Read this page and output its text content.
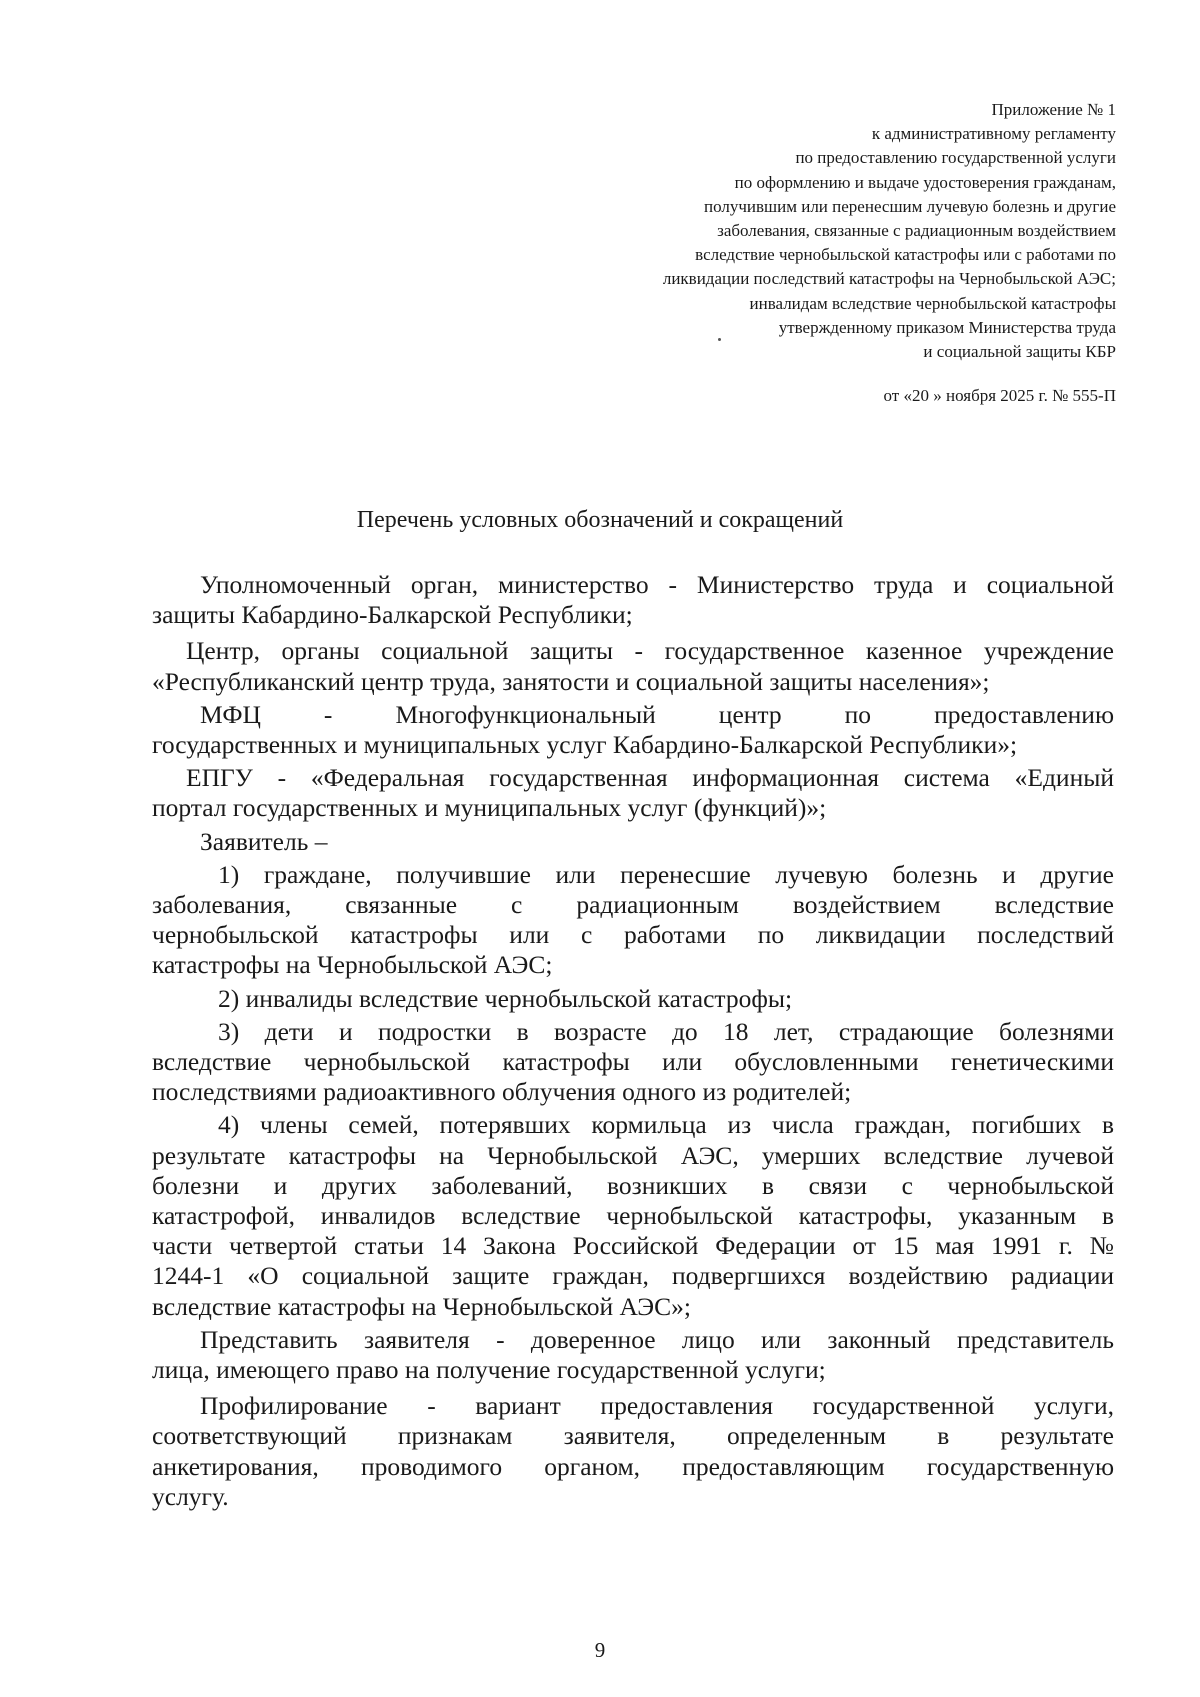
Приложение № 1
к административному регламенту
по предоставлению государственной услуги
по оформлению и выдаче удостоверения гражданам,
получившим или перенесшим лучевую болезнь и другие
заболевания, связанные с радиационным воздействием
вследствие чернобыльской катастрофы или с работами по
ликвидации последствий катастрофы на Чернобыльской АЭС;
инвалидам вследствие чернобыльской катастрофы
утвержденному приказом Министерства труда
и социальной защиты КБР
от «20 » ноября 2025 г. № 555-П
Перечень условных обозначений и сокращений

Уполномоченный орган, министерство - Министерство труда и социальной
защиты Кабардино-Балкарской Республики;

Центр, органы социальной защиты - государственное казенное учреждение
«Республиканский центр труда, занятости и социальной защиты населения»;

МФЦ - Многофункциональный центр по предоставлению
государственных и муниципальных услуг Кабардино-Балкарской Республики»;

ЕПГУ - «Федеральная государственная информационная система «Единый
портал государственных и муниципальных услуг (функций)»;

Заявитель –

1) граждане, получившие или перенесшие лучевую болезнь и другие
заболевания, связанные с радиационным воздействием вследствие
чернобыльской катастрофы или с работами по ликвидации последствий
катастрофы на Чернобыльской АЭС;

2) инвалиды вследствие чернобыльской катастрофы;

3) дети и подростки в возрасте до 18 лет, страдающие болезнями
вследствие чернобыльской катастрофы или обусловленными генетическими
последствиями радиоактивного облучения одного из родителей;

4) члены семей, потерявших кормильца из числа граждан, погибших в
результате катастрофы на Чернобыльской АЭС, умерших вследствие лучевой
болезни и других заболеваний, возникших в связи с чернобыльской
катастрофой, инвалидов вследствие чернобыльской катастрофы, указанным в
части четвертой статьи 14 Закона Российской Федерации от 15 мая 1991 г. №
1244-1 «О социальной защите граждан, подвергшихся воздействию радиации
вследствие катастрофы на Чернобыльской АЭС»;

Представить заявителя - доверенное лицо или законный представитель
лица, имеющего право на получение государственной услуги;

Профилирование - вариант предоставления государственной услуги,
соответствующий признакам заявителя, определенным в результате
анкетирования, проводимого органом, предоставляющим государственную
услугу.

9
